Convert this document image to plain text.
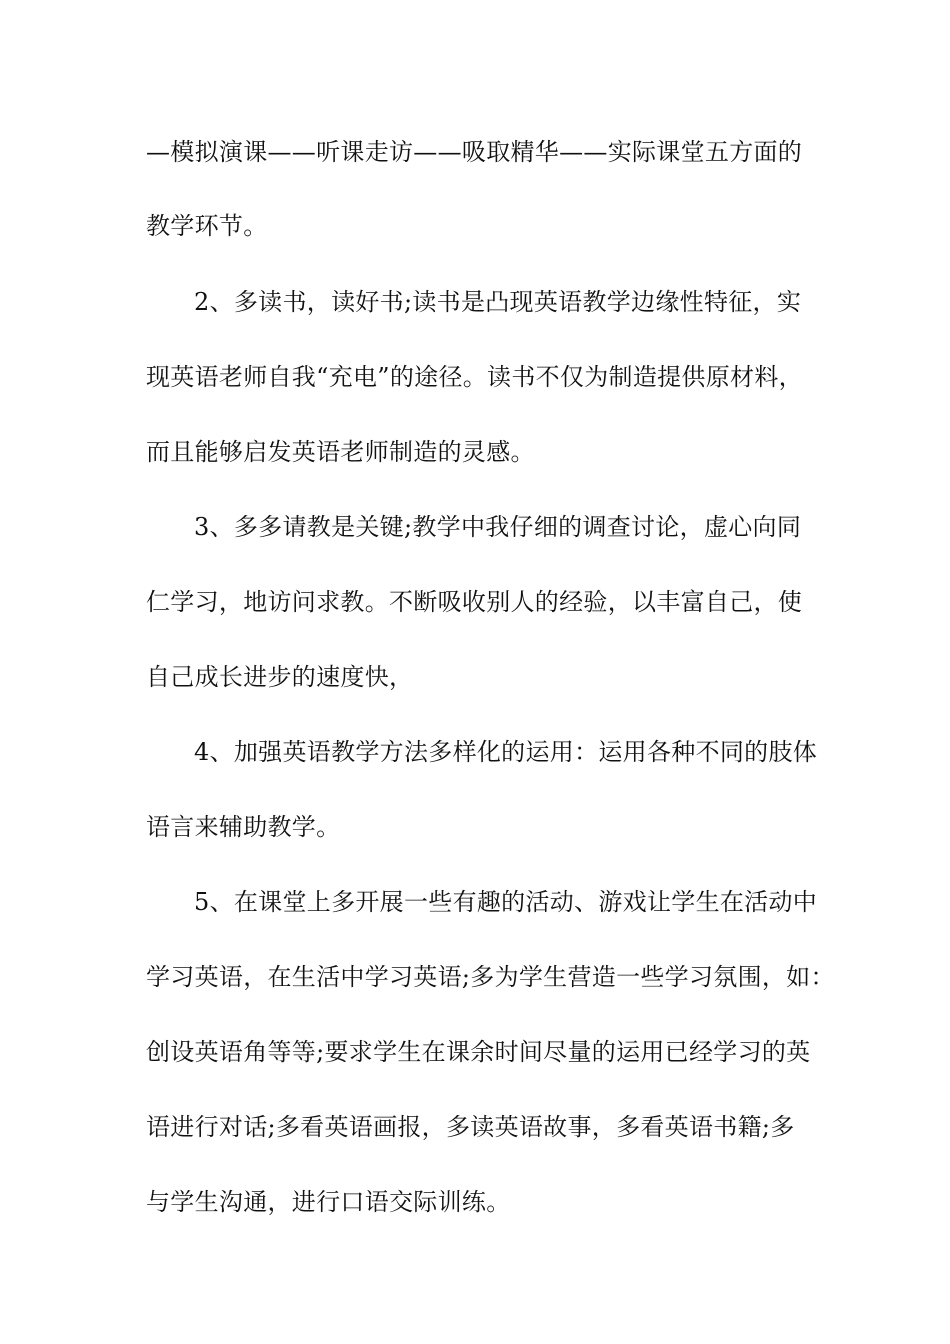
—模拟演课——听课走访——吸取精华——实际课堂五方面的
教学环节。
2、多读书，读好书;读书是凸现英语教学边缘性特征，实
现英语老师自我“充电”的途径。读书不仅为制造提供原材料，
而且能够启发英语老师制造的灵感。
3、多多请教是关键;教学中我仔细的调查讨论，虚心向同
仁学习，地访问求教。不断吸收别人的经验，以丰富自己，使
自己成长进步的速度快，
4、加强英语教学方法多样化的运用：运用各种不同的肢体
语言来辅助教学。
5、在课堂上多开展一些有趣的活动、游戏让学生在活动中
学习英语，在生活中学习英语;多为学生营造一些学习氛围，如：
创设英语角等等;要求学生在课余时间尽量的运用已经学习的英
语进行对话;多看英语画报，多读英语故事，多看英语书籍;多
与学生沟通，进行口语交际训练。
